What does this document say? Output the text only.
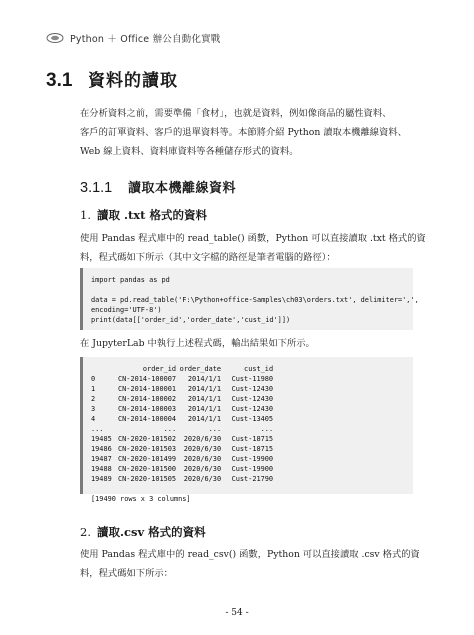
Python ＋ Office 辦公自動化實戰
3.1 資料的讀取
在分析資料之前，需要準備「食材」，也就是資料，例如像商品的屬性資料、
客戶的訂單資料、客戶的退單資料等。本節將介紹 Python 讀取本機離線資料、
Web 線上資料、資料庫資料等各種儲存形式的資料。
3.1.1	讀取本機離線資料
1. 讀取 .txt 格式的資料
使用 Pandas 程式庫中的 read_table() 函數，Python 可以直接讀取 .txt 格式的資
料，程式碼如下所示（其中文字檔的路徑是筆者電腦的路徑）：
import pandas as pd
data = pd.read_table('F:\Python+office-Samples\ch03\orders.txt', delimiter=',',
encoding='UTF-8')
print(data[['order_id','order_date','cust_id']])
在 JupyterLab 中執行上述程式碼，輸出結果如下所示。
	order_id	order_date	cust_id
0	CN-2014-100007	2014/1/1	Cust-11980
1	CN-2014-100001	2014/1/1	Cust-12430
2	CN-2014-100002	2014/1/1	Cust-12430
3	CN-2014-100003	2014/1/1	Cust-12430
4	CN-2014-100004	2014/1/1	Cust-13405
...	...	...	...
19485	CN-2020-101502	2020/6/30	Cust-18715
19486	CN-2020-101503	2020/6/30	Cust-18715
19487	CN-2020-101499	2020/6/30	Cust-19900
19488	CN-2020-101500	2020/6/30	Cust-19900
19489	CN-2020-101505	2020/6/30	Cust-21790
[19490 rows x 3 columns]
2. 讀取.csv 格式的資料
使用 Pandas 程式庫中的 read_csv() 函數，Python 可以直接讀取 .csv 格式的資
料，程式碼如下所示：
- 54 -
